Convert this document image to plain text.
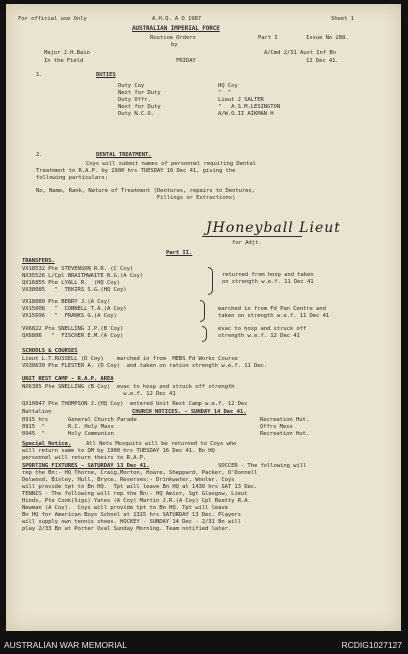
For official use Only	A.H.Q. A O 1987	Sheet 1
AUSTRALIAN IMPERIAL FORCE
Routine Orders	Part I	Issue No 288.
by
Major J.H.Bain	A/Cmd 2/31 Aust Inf Bn
In the Field	FRIDAY	12 Dec 41.
1.	DUTIES
Duty Coy	HQ Coy
Next for Duty	"  "
Duty Offr.	Lieut J SALTER
Next for Duty	"   A.S.M.LESINGTON
Duty N.C.O.	A/W.O.II AIKMAN H
2.	DENTAL TREATMENT.
Coys will submit names of personnel requiring Dental
Treatment to R.A.P. by 1900 hrs TUESDAY 16 Dec 41, giving the
following particulars:
No, Name, Rank, Nature of Treatment (Dentures, repairs to Dentures,
Fillings or Extractions)
JHoneyball Lieut
for Adjt.
Part II.
TRANSFERS.
VX18532 Pte STEVENSON R.R. (C Coy)
NX35526 L/Cpl BRAITHWAITE R.G.(A Coy)
QX16855 Pte LYALL R.  (HQ Coy)
VX38085   "  TEKIRS S.G.(HQ Coy)
returned from hosp and taken
on strength w.e.f. 11 Dec 41
VX18080 Pte BERRY J.(A Coy)
VX15008   "  CONNELL T.A.(A Coy)
VX15696   "  FRANKS G.(A Coy)
marched in from Fd Pan Centre and
taken on strength w.e.f. 11 Dec 41
VX6822 Pte SNELLING J.P.(B Coy)
QX6806   "  FISCHER E.M.(A Coy)
evac to hosp and struck off
strength w.e.f. 12 Dec 41
SCHOOLS & COURSES
Lieut L.T.RUSSELL (D Coy)    marched in from  MEBS Fd Works Course
VX30630 Pte FLESTER A. (D Coy)  and taken on ration strength w.e.f. 11 Dec.
UNIT REST CAMP - R.A.P. AREA
NX6385 Pte SNELLING (B Coy)  evac to hosp and struck off strength
w.e.f. 12 Dec 41
QX10847 Pte THOMPSON J.(HQ Coy)  entered Unit Rest Camp w.e.f. 12 Dec
Battalion	CHURCH NOTICES. - SUNDAY 14 Dec 41.
0915 hrs	General Church Parade	Recreation Hut.
0915  "	R.C. Holy Mass	Offrs Mess
0945  "	Holy Communion	Recreation Hut.
Special Notice.	All Nets Mosquito will be returned to Coys who
will return same to QM by 1900 hrs TUESDAY 16 Dec 41. Bn HQ
personnel will return theirs to R.A.P.
SPORTING FIXTURES - SATURDAY 13 Dec 41.	SOCCER - The following will
rep the Bn:- HQ Thorne, Craig,Morton, Hoare, Sheppard, Packer, O'Donnell
Delwood, Bisley, Hull, Bryce, Reserves:- Drinkwater, Wooler. Coys
will provide tpt to Bn HQ.  Tpt will leave Bn HQ at 1430 hrs SAT 13 Dec.
TENNIS - The following will rep the Bn:- HQ Amior, Sgt Glasgow, Lieut
Hinds, Pte Cook(Sigs) Yates (A Coy) Martin J.R.(A Coy) Cpl Beatty R.A.
Newman (A Coy).  Coys will provide tpt to Bn HQ. Tpt will leave
Bn HQ for American Boys School at 1315 hrs SATURDAY 13 Dec. Players
will supply own tennis shoes. HOCKEY - SUNDAY 14 Dec - 2/31 Bn will
play 2/33 Bn at Porter Oval Sunday Morning. Team notified later.
AUSTRALIAN WAR MEMORIAL	RCDIG1027127
